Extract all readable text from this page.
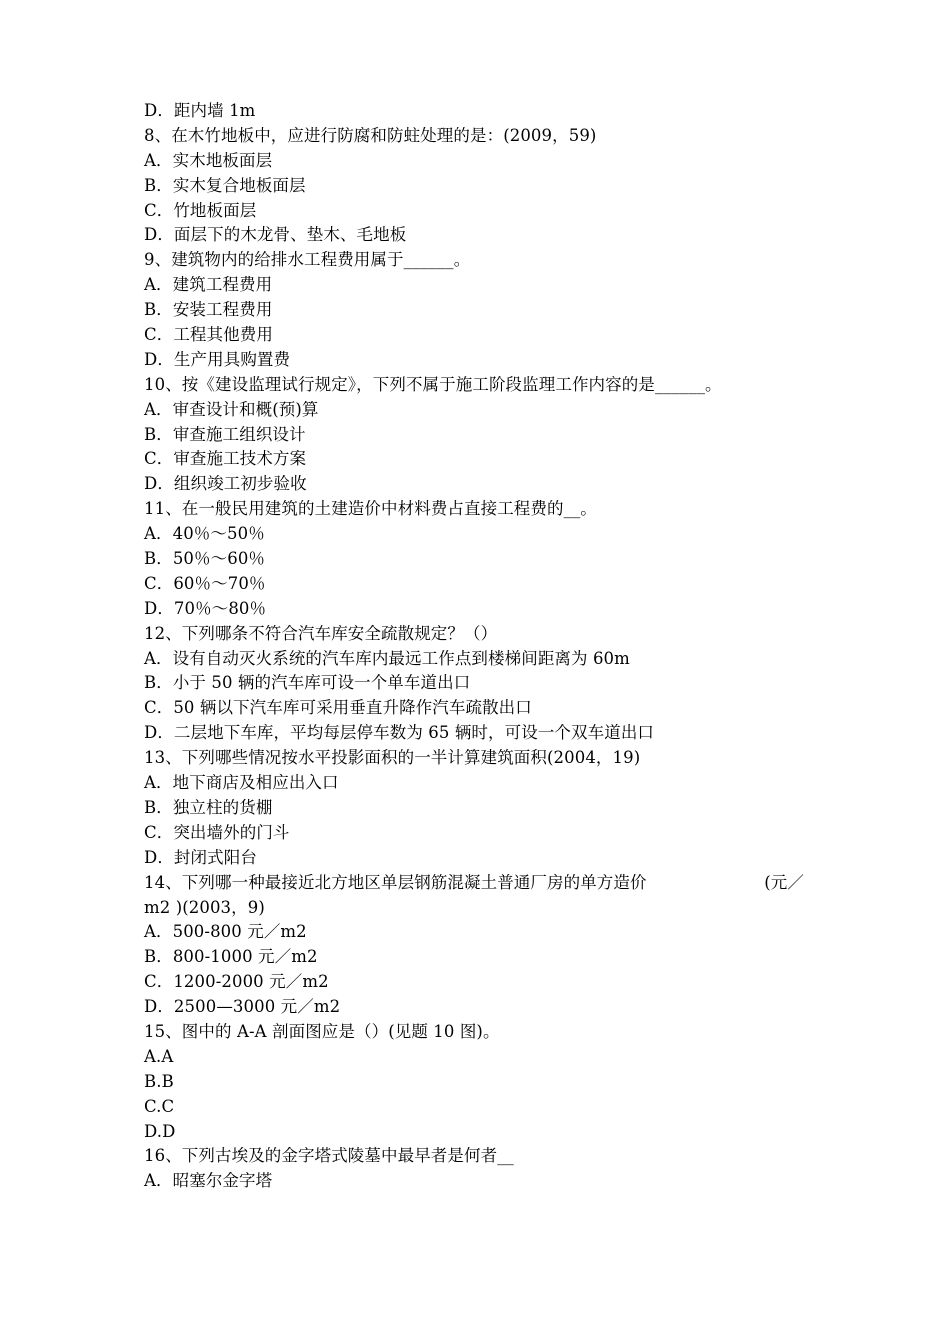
D．距内墙 1m
8、在木竹地板中，应进行防腐和防蛀处理的是：(2009，59)
A．实木地板面层
B．实木复合地板面层
C．竹地板面层
D．面层下的木龙骨、垫木、毛地板
9、建筑物内的给排水工程费用属于______。
A．建筑工程费用
B．安装工程费用
C．工程其他费用
D．生产用具购置费
10、按《建设监理试行规定》，下列不属于施工阶段监理工作内容的是______。
A．审查设计和概(预)算
B．审查施工组织设计
C．审查施工技术方案
D．组织竣工初步验收
11、在一般民用建筑的土建造价中材料费占直接工程费的__。
A．40％～50％
B．50％～60％
C．60％～70％
D．70％～80％
12、下列哪条不符合汽车库安全疏散规定？（）
A．设有自动灭火系统的汽车库内最远工作点到楼梯间距离为 60m
B．小于 50 辆的汽车库可设一个单车道出口
C．50 辆以下汽车库可采用垂直升降作汽车疏散出口
D．二层地下车库，平均每层停车数为 65 辆时，可设一个双车道出口
13、下列哪些情况按水平投影面积的一半计算建筑面积(2004，19)
A．地下商店及相应出入口
B．独立柱的货棚
C．突出墙外的门斗
D．封闭式阳台
14、下列哪一种最接近北方地区单层钢筋混凝土普通厂房的单方造价	(元／
m2 )(2003，9)
A．500-800 元／m2
B．800-1000 元／m2
C．1200-2000 元／m2
D．2500—3000 元／m2
15、图中的 A-A 剖面图应是（）(见题 10 图)。
A.A
B.B
C.C
D.D
16、下列古埃及的金字塔式陵墓中最早者是何者__
A．昭塞尔金字塔
